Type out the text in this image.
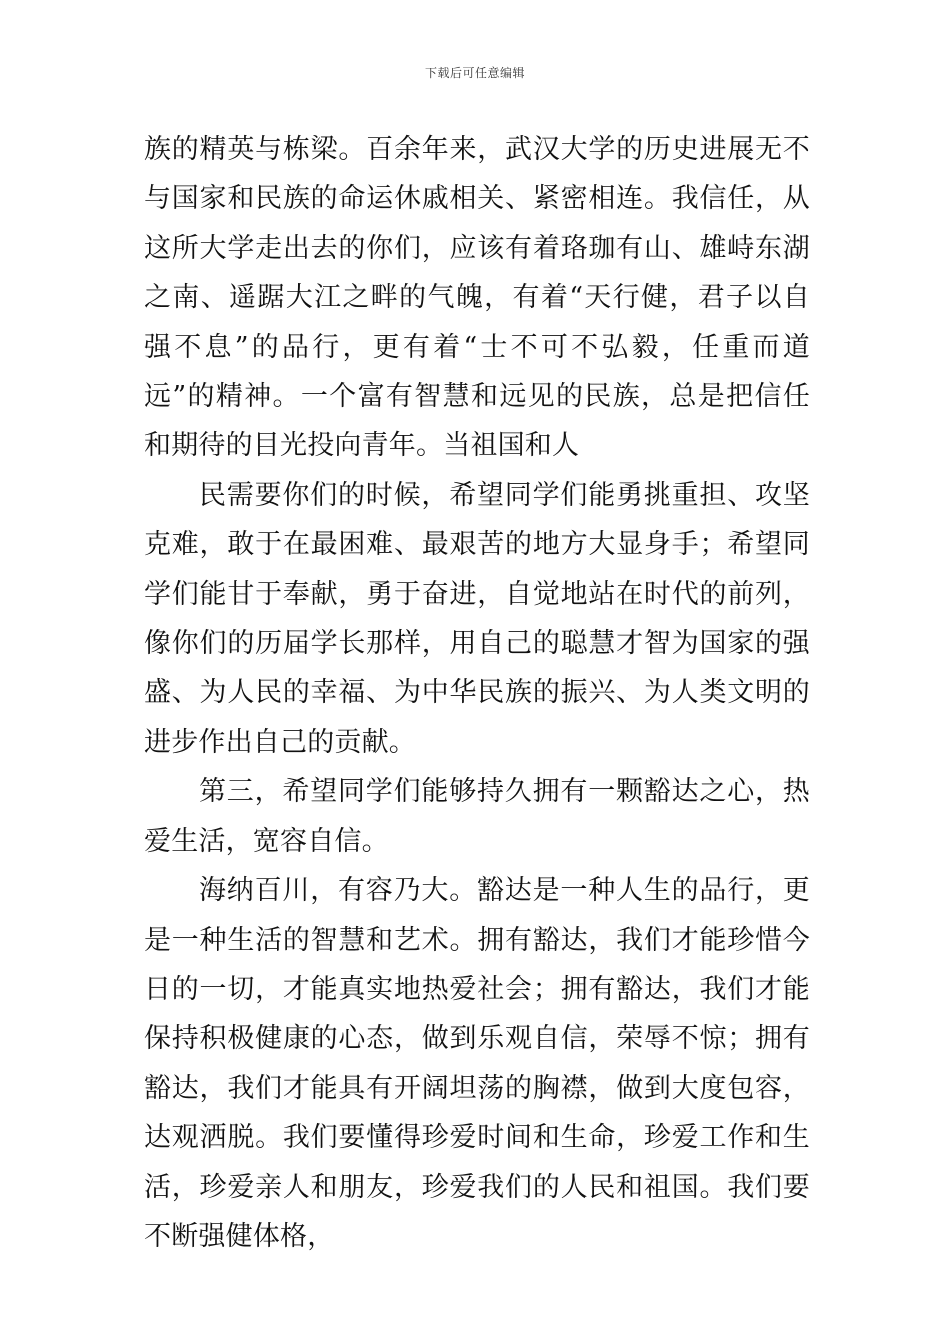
下载后可任意编辑

族的精英与栋梁。百余年来，武汉大学的历史进展无不与国家和民族的命运休戚相关、紧密相连。我信任，从这所大学走出去的你们，应该有着珞珈有山、雄峙东湖之南、遥踞大江之畔的气魄，有着“天行健，君子以自强不息”的品行，更有着“士不可不弘毅，任重而道远”的精神。一个富有智慧和远见的民族，总是把信任和期待的目光投向青年。当祖国和人

民需要你们的时候，希望同学们能勇挑重担、攻坚克难，敢于在最困难、最艰苦的地方大显身手；希望同学们能甘于奉献，勇于奋进，自觉地站在时代的前列，像你们的历届学长那样，用自己的聪慧才智为国家的强盛、为人民的幸福、为中华民族的振兴、为人类文明的进步作出自己的贡献。

第三，希望同学们能够持久拥有一颗豁达之心，热爱生活，宽容自信。

海纳百川，有容乃大。豁达是一种人生的品行，更是一种生活的智慧和艺术。拥有豁达，我们才能珍惜今日的一切，才能真实地热爱社会；拥有豁达，我们才能保持积极健康的心态，做到乐观自信，荣辱不惊；拥有豁达，我们才能具有开阔坦荡的胸襟，做到大度包容，达观洒脱。我们要懂得珍爱时间和生命，珍爱工作和生活，珍爱亲人和朋友，珍爱我们的人民和祖国。我们要不断强健体格，
